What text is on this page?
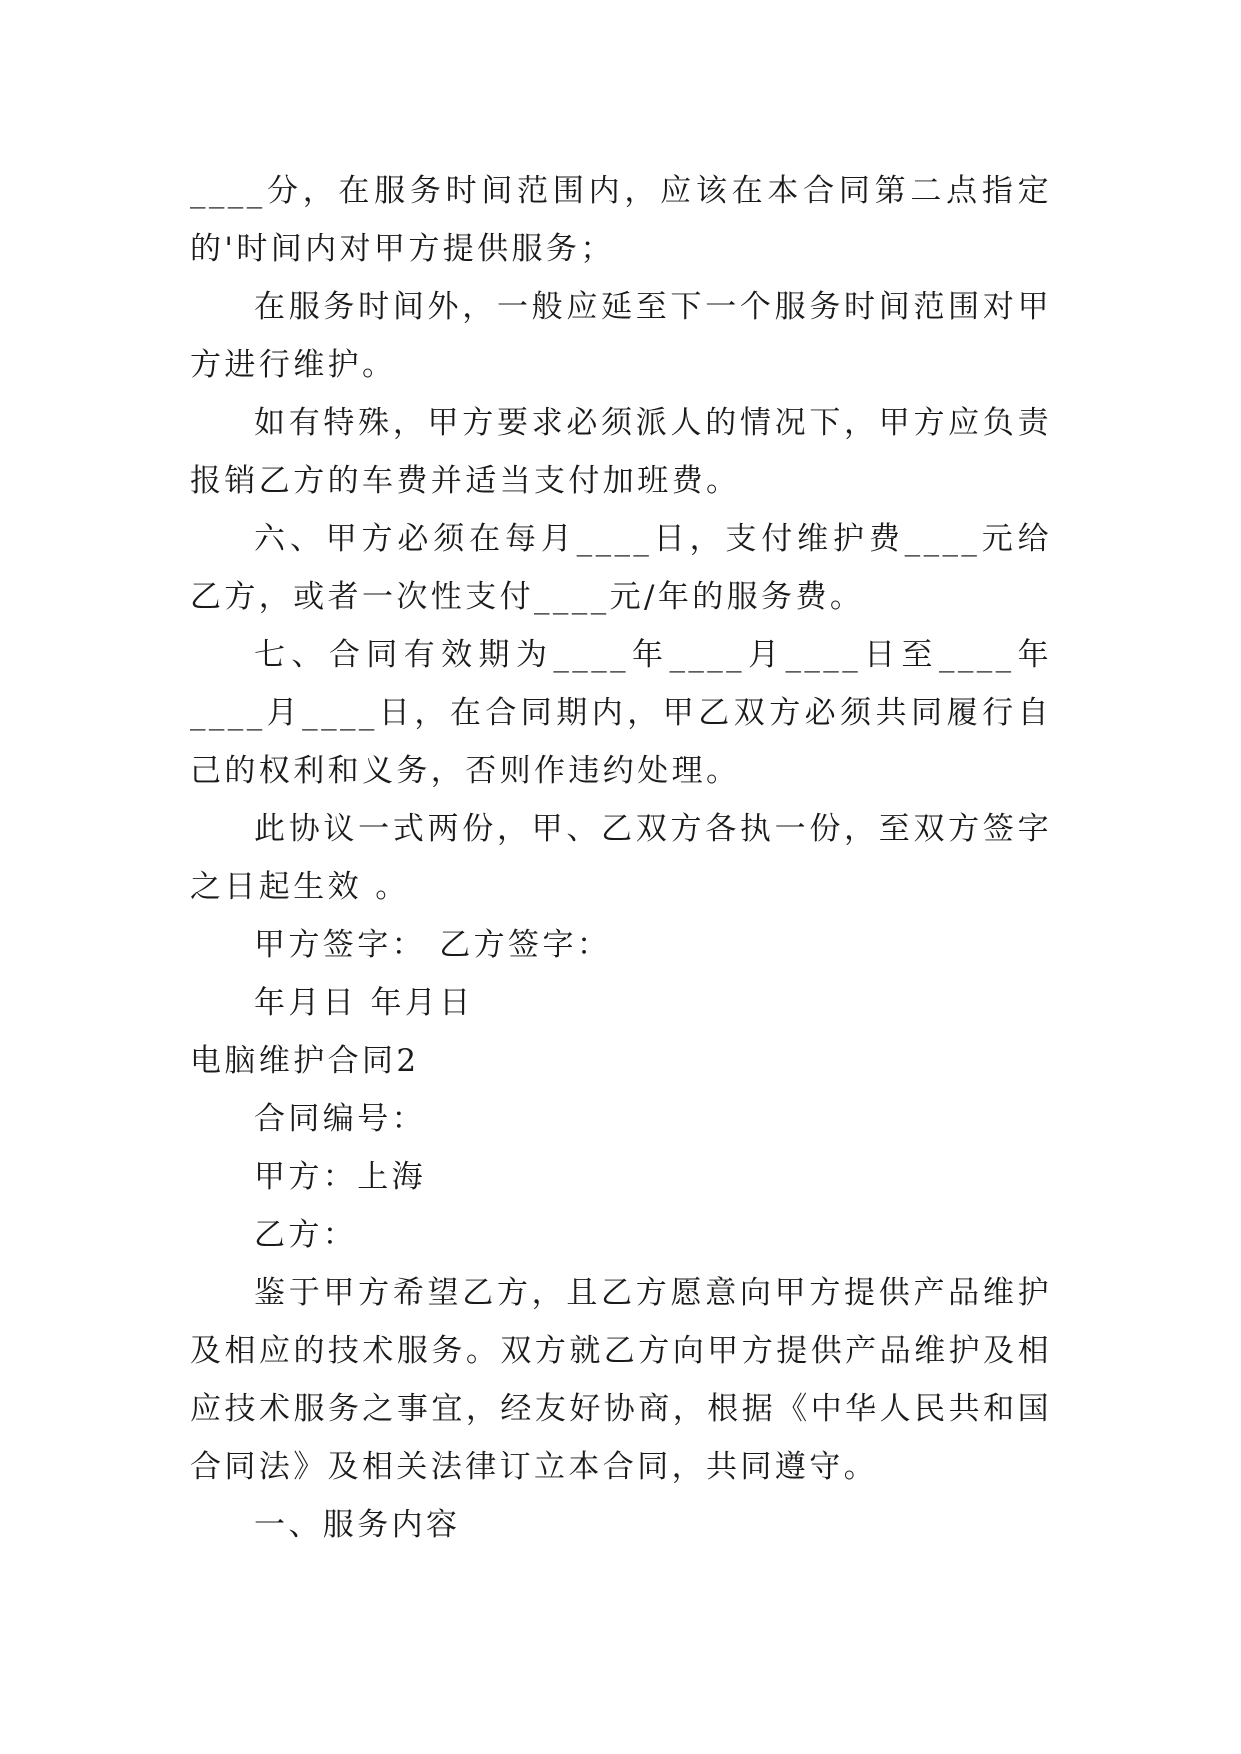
____分，在服务时间范围内，应该在本合同第二点指定的'时间内对甲方提供服务；

在服务时间外，一般应延至下一个服务时间范围对甲方进行维护。

如有特殊，甲方要求必须派人的情况下，甲方应负责报销乙方的车费并适当支付加班费。

六、甲方必须在每月____日，支付维护费____元给乙方，或者一次性支付____元/年的服务费。

七、合同有效期为____年____月____日至____年____月____日，在合同期内，甲乙双方必须共同履行自己的权利和义务，否则作违约处理。

此协议一式两份，甲、乙双方各执一份，至双方签字之日起生效 。

甲方签字： 乙方签字：

年月日 年月日

电脑维护合同2

合同编号：

甲方：上海

乙方：

鉴于甲方希望乙方，且乙方愿意向甲方提供产品维护及相应的技术服务。双方就乙方向甲方提供产品维护及相应技术服务之事宜，经友好协商，根据《中华人民共和国合同法》及相关法律订立本合同，共同遵守。

一、服务内容
